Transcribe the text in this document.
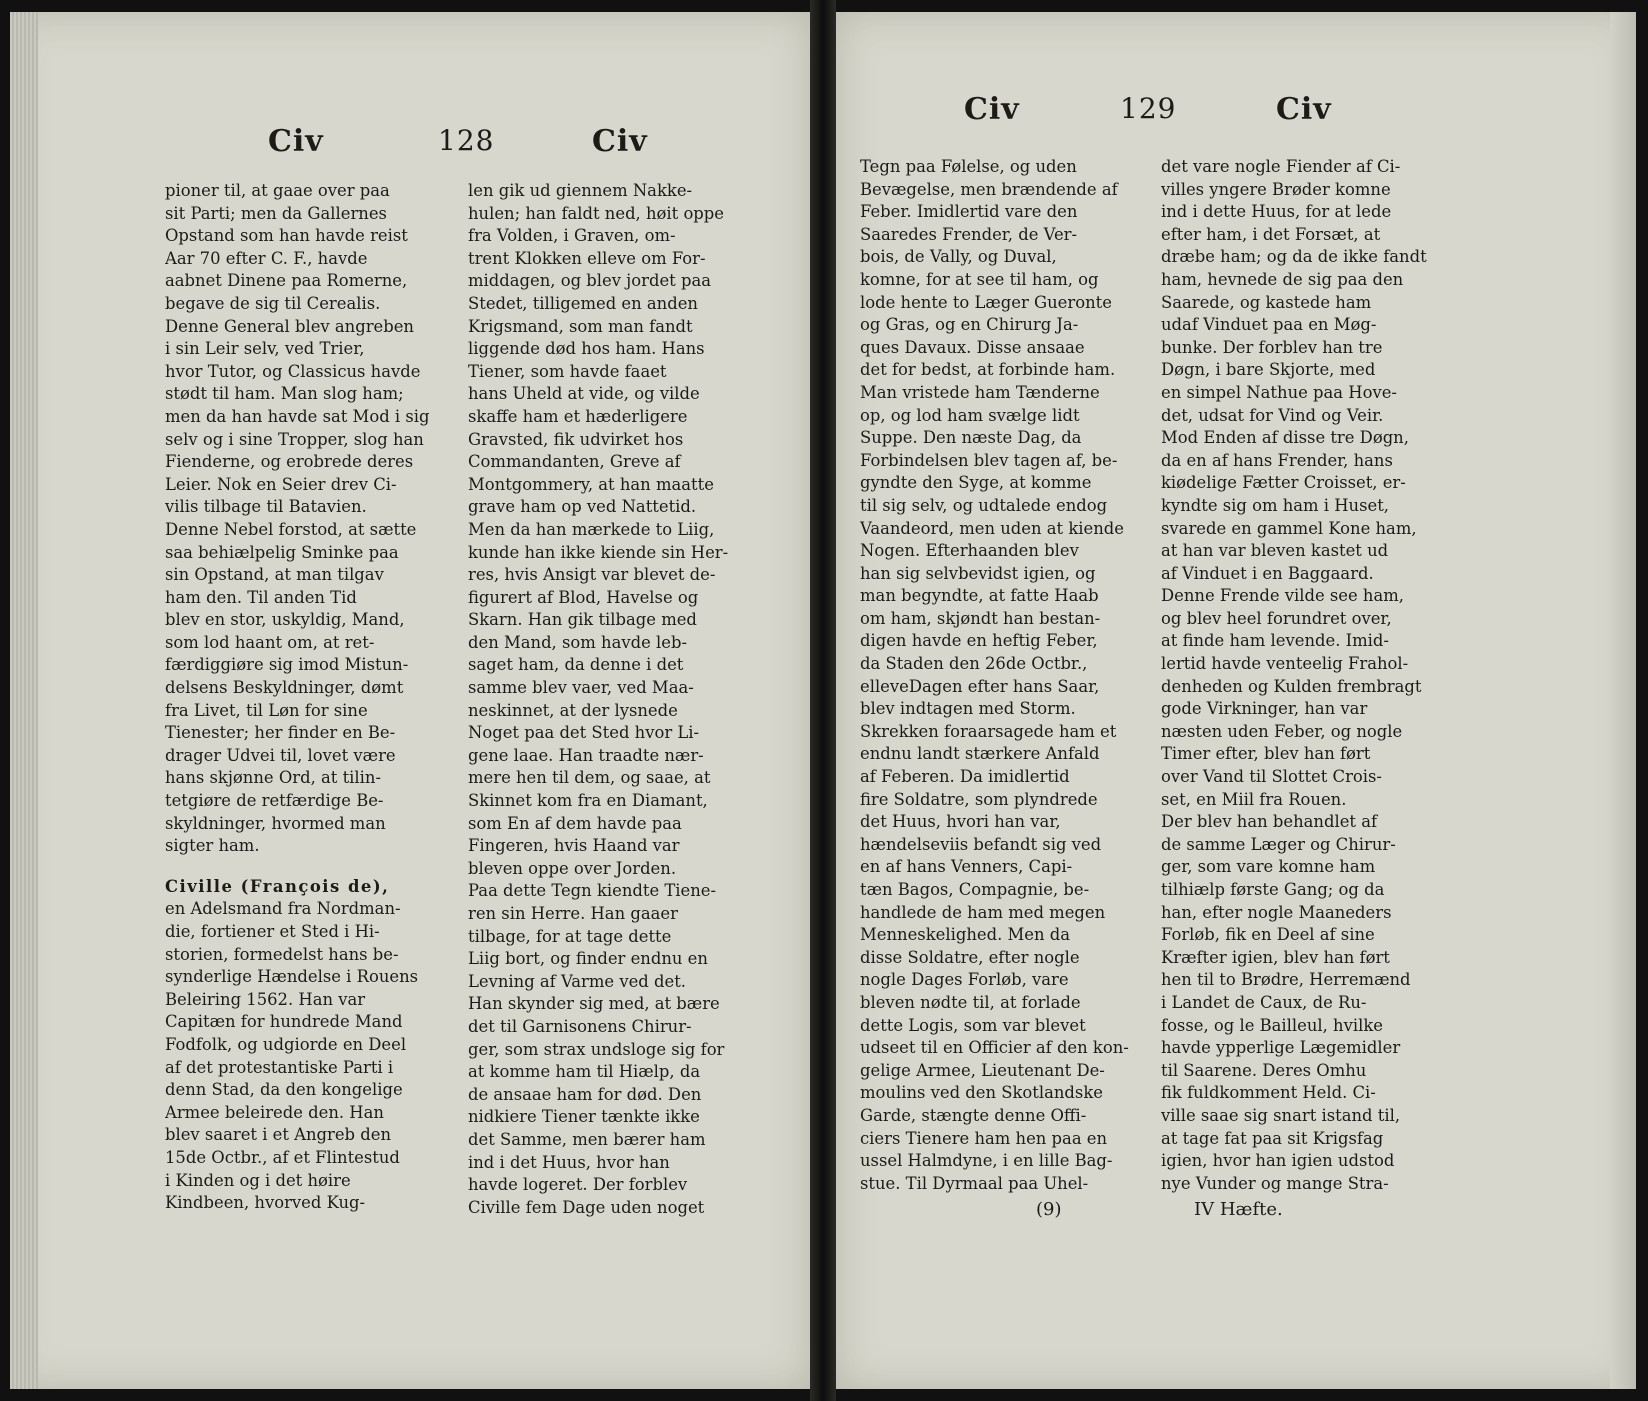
Civ	128	Civ
pioner til, at gaae over paa
sit Parti; men da Gallernes
Opstand som han havde reist
Aar 70 efter C. F., havde
aabnet Dinene paa Romerne,
begave de sig til Cerealis.
Denne General blev angreben
i sin Leir selv, ved Trier,
hvor Tutor, og Classicus havde
stødt til ham. Man slog ham;
men da han havde sat Mod i sig
selv og i sine Tropper, slog han
Fienderne, og erobrede deres
Leier. Nok en Seier drev Ci-
vilis tilbage til Batavien.
Denne Nebel forstod, at sætte
saa behiælpelig Sminke paa
sin Opstand, at man tilgav
ham den. Til anden Tid
blev en stor, uskyldig, Mand,
som lod haant om, at ret-
færdiggiøre sig imod Mistun-
delsens Beskyldninger, dømt
fra Livet, til Løn for sine
Tienester; her finder en Be-
drager Udvei til, lovet være
hans skjønne Ord, at tilin-
tetgiøre de retfærdige Be-
skyldninger, hvormed man
sigter ham.
Civille (François de),
en Adelsmand fra Nordman-
die, fortiener et Sted i Hi-
storien, formedelst hans be-
synderlige Hændelse i Rouens
Beleiring 1562. Han var
Capitæn for hundrede Mand
Fodfolk, og udgiorde en Deel
af det protestantiske Parti i
denn Stad, da den kongelige
Armee beleirede den. Han
blev saaret i et Angreb den
15de Octbr., af et Flintestud
i Kinden og i det høire
Kindbeen, hvorved Kug-
len gik ud giennem Nakke-
hulen; han faldt ned, høit oppe
fra Volden, i Graven, om-
trent Klokken elleve om For-
middagen, og blev jordet paa
Stedet, tilligemed en anden
Krigsmand, som man fandt
liggende død hos ham. Hans
Tiener, som havde faaet
hans Uheld at vide, og vilde
skaffe ham et hæderligere
Gravsted, fik udvirket hos
Commandanten, Greve af
Montgommery, at han maatte
grave ham op ved Nattetid.
Men da han mærkede to Liig,
kunde han ikke kiende sin Her-
res, hvis Ansigt var blevet de-
figurert af Blod, Havelse og
Skarn. Han gik tilbage med
den Mand, som havde leb-
saget ham, da denne i det
samme blev vaer, ved Maa-
neskinnet, at der lysnede
Noget paa det Sted hvor Li-
gene laae. Han traadte nær-
mere hen til dem, og saae, at
Skinnet kom fra en Diamant,
som En af dem havde paa
Fingeren, hvis Haand var
bleven oppe over Jorden.
Paa dette Tegn kiendte Tiene-
ren sin Herre. Han gaaer
tilbage, for at tage dette
Liig bort, og finder endnu en
Levning af Varme ved det.
Han skynder sig med, at bære
det til Garnisonens Chirur-
ger, som strax undsloge sig for
at komme ham til Hiælp, da
de ansaae ham for død. Den
nidkiere Tiener tænkte ikke
det Samme, men bærer ham
ind i det Huus, hvor han
havde logeret. Der forblev
Civille fem Dage uden noget
Civ	129	Civ
Tegn paa Følelse, og uden
Bevægelse, men brændende af
Feber. Imidlertid vare den
Saaredes Frender, de Ver-
bois, de Vally, og Duval,
komne, for at see til ham, og
lode hente to Læger Gueronte
og Gras, og en Chirurg Ja-
ques Davaux. Disse ansaae
det for bedst, at forbinde ham.
Man vristede ham Tænderne
op, og lod ham svælge lidt
Suppe. Den næste Dag, da
Forbindelsen blev tagen af, be-
gyndte den Syge, at komme
til sig selv, og udtalede endog
Vaandeord, men uden at kiende
Nogen. Efterhaanden blev
han sig selvbevidst igien, og
man begyndte, at fatte Haab
om ham, skjøndt han bestan-
digen havde en heftig Feber,
da Staden den 26de Octbr.,
elleveDagen efter hans Saar,
blev indtagen med Storm.
Skrekken foraarsagede ham et
endnu landt stærkere Anfald
af Feberen. Da imidlertid
fire Soldatre, som plyndrede
det Huus, hvori han var,
hændelseviis befandt sig ved
en af hans Venners, Capi-
tæn Bagos, Compagnie, be-
handlede de ham med megen
Menneskelighed. Men da
disse Soldatre, efter nogle
nogle Dages Forløb, vare
bleven nødte til, at forlade
dette Logis, som var blevet
udseet til en Officier af den kon-
gelige Armee, Lieutenant De-
moulins ved den Skotlandske
Garde, stængte denne Offi-
ciers Tienere ham hen paa en
ussel Halmdyne, i en lille Bag-
stue. Til Dyrmaal paa Uhel-
det vare nogle Fiender af Ci-
villes yngere Brøder komne
ind i dette Huus, for at lede
efter ham, i det Forsæt, at
dræbe ham; og da de ikke fandt
ham, hevnede de sig paa den
Saarede, og kastede ham
udaf Vinduet paa en Møg-
bunke. Der forblev han tre
Døgn, i bare Skjorte, med
en simpel Nathue paa Hove-
det, udsat for Vind og Veir.
Mod Enden af disse tre Døgn,
da en af hans Frender, hans
kiødelige Fætter Croisset, er-
kyndte sig om ham i Huset,
svarede en gammel Kone ham,
at han var bleven kastet ud
af Vinduet i en Baggaard.
Denne Frende vilde see ham,
og blev heel forundret over,
at finde ham levende. Imid-
lertid havde venteelig Frahol-
denheden og Kulden frembragt
gode Virkninger, han var
næsten uden Feber, og nogle
Timer efter, blev han ført
over Vand til Slottet Crois-
set, en Miil fra Rouen.
Der blev han behandlet af
de samme Læger og Chirur-
ger, som vare komne ham
tilhiælp første Gang; og da
han, efter nogle Maaneders
Forløb, fik en Deel af sine
Kræfter igien, blev han ført
hen til to Brødre, Herremænd
i Landet de Caux, de Ru-
fosse, og le Bailleul, hvilke
havde ypperlige Lægemidler
til Saarene. Deres Omhu
fik fuldkomment Held. Ci-
ville saae sig snart istand til,
at tage fat paa sit Krigsfag
igien, hvor han igien udstod
nye Vunder og mange Stra-
(9)	IV Hæfte.
